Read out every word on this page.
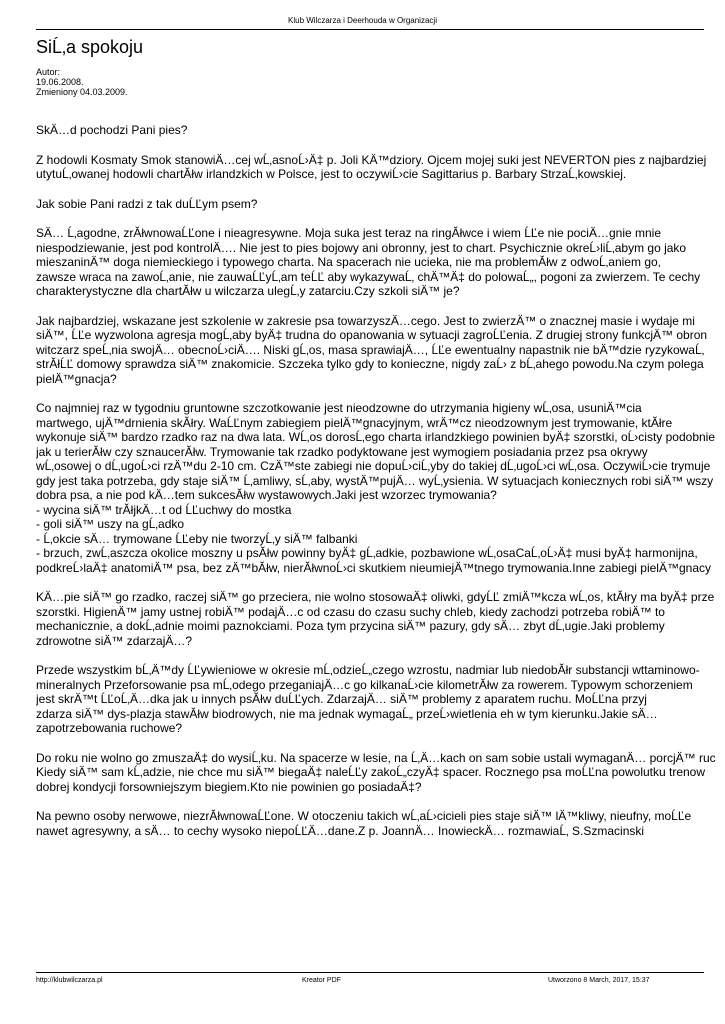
Klub Wilczarza i Deerhouda w Organizacji
SiĹ‚a spokoju
Autor:
19.06.2008.
Zmieniony 04.03.2009.

SkÄ…d pochodzi Pani pies?

Z hodowli Kosmaty Smok stanowiÄ…cej wĹ‚asnoĹ›Ä‡ p. Joli KÄ™dziory. Ojcem mojej suki jest NEVERTON pies z najbardziej
utytuĹ‚owanej hodowli chartĂłw irlandzkich w Polsce, jest to oczywiĹ›cie Sagittarius p. Barbary StrzaĹ‚kowskiej.

Jak sobie Pani radzi z tak duĹĽym psem?

SÄ… Ĺ‚agodne, zrĂłwnowaĹĽone i nieagresywne. Moja suka jest teraz na ringĂłwce i wiem ĹĽe nie pociÄ…gnie mnie
niespodziewanie, jest pod kontrolÄ…. Nie jest to pies bojowy ani obronny, jest to chart. Psychicznie okreĹ›liĹ‚abym go jako
mieszaninÄ™ doga niemieckiego i typowego charta. Na spacerach nie ucieka, nie ma problemĂłw z odwoĹ‚aniem go,
zawsze wraca na zawoĹ‚anie, nie zauwaĹĽyĹ‚am teĹĽ aby wykazywaĹ‚ chÄ™Ä‡ do polowaĹ„, pogoni za zwierzem. Te cechy
charakterystyczne dla chartĂłw u wilczarza ulegĹ‚y zatarciu.Czy szkoli siÄ™ je?

Jak najbardziej, wskazane jest szkolenie w zakresie psa towarzyszÄ…cego. Jest to zwierzÄ™ o znacznej masie i wydaje mi
siÄ™, ĹĽe wyzwolona agresja mogĹ‚aby byÄ‡ trudna do opanowania w sytuacji zagroĹĽenia. Z drugiej strony funkcjÄ™ obron
witczarz speĹ‚nia swojÄ… obecnoĹ›ciÄ…. Niski gĹ‚os, masa sprawiajÄ…, ĹĽe ewentualny napastnik nie bÄ™dzie ryzykowaĹ‚
strĂłĹĽ domowy sprawdza siÄ™ znakomicie. Szczeka tylko gdy to konieczne, nigdy zaĹ› z bĹ‚ahego powodu.Na czym polega
pielÄ™gnacja?

Co najmniej raz w tygodniu gruntowne szczotkowanie jest nieodzowne do utrzymania higieny wĹ‚osa, usuniÄ™cia
martwego, ujÄ™drnienia skĂłry. WaĹĽnym zabiegiem pielÄ™gnacyjnym, wrÄ™cz nieodzownym jest trymowanie, ktĂłre
wykonuje siÄ™ bardzo rzadko raz na dwa lata. WĹ‚os dorosĹ‚ego charta irlandzkiego powinien byÄ‡ szorstki, oĹ›cisty podobnie
jak u terierĂłw czy sznaucerĂłw. Trymowanie tak rzadko podyktowane jest wymogiem posiadania przez psa okrywy
wĹ‚osowej o dĹ‚ugoĹ›ci rzÄ™du 2-10 cm. CzÄ™ste zabiegi nie dopuĹ›ciĹ‚yby do takiej dĹ‚ugoĹ›ci wĹ‚osa. OczywiĹ›cie trymuje
gdy jest taka potrzeba, gdy staje siÄ™ Ĺ‚amliwy, sĹ‚aby, wystÄ™pujÄ… wyĹ‚ysienia. W sytuacjach koniecznych robi siÄ™ wszy
dobra psa, a nie pod kÄ…tem sukcesĂłw wystawowych.Jaki jest wzorzec trymowania?
- wycina siÄ™ trĂłjkÄ…t od ĹĽuchwy do mostka
- goli siÄ™ uszy na gĹ‚adko
- Ĺ‚okcie sÄ… trymowane ĹĽeby nie tworzyĹ‚y siÄ™ falbanki
- brzuch, zwĹ‚aszcza okolice moszny u psĂłw powinny byÄ‡ gĹ‚adkie, pozbawione wĹ‚osaCaĹ‚oĹ›Ä‡ musi byÄ‡ harmonijna,
podkreĹ›laÄ‡ anatomiÄ™ psa, bez zÄ™bĂłw, nierĂłwnoĹ›ci skutkiem nieumiejÄ™tnego trymowania.Inne zabiegi pielÄ™gnacy

KÄ…pie siÄ™ go rzadko, raczej siÄ™ go przeciera, nie wolno stosowaÄ‡ oliwki, gdyĹĽ zmiÄ™kcza wĹ‚os, ktĂłry ma byÄ‡ prze
szorstki. HigienÄ™ jamy ustnej robiÄ™ podajÄ…c od czasu do czasu suchy chleb, kiedy zachodzi potrzeba robiÄ™ to
mechanicznie, a dokĹ‚adnie moimi paznokciami. Poza tym przycina siÄ™ pazury, gdy sÄ… zbyt dĹ‚ugie.Jaki problemy
zdrowotne siÄ™ zdarzajÄ…?

Przede wszystkim bĹ‚Ä™dy ĹĽywieniowe w okresie mĹ‚odzieĹ„czego wzrostu, nadmiar lub niedobĂłr substancji wttaminowo-
mineralnych Przeforsowanie psa mĹ‚odego przeganiajÄ…c go kilkanaĹ›cie kilometrĂłw za rowerem. Typowym schorzeniem
jest skrÄ™t ĹĽoĹ‚Ä…dka jak u innych psĂłw duĹĽych. ZdarzajÄ… siÄ™ problemy z aparatem ruchu. MoĹĽna przyj
zdarza siÄ™ dys-plazja stawĂłw biodrowych, nie ma jednak wymagaĹ„ przeĹ›wietlenia eh w tym kierunku.Jakie sÄ…
zapotrzebowania ruchowe?

Do roku nie wolno go zmuszaÄ‡ do wysiĹ‚ku. Na spacerze w lesie, na Ĺ‚Ä…kach on sam sobie ustali wymaganÄ… porcjÄ™ ruc
Kiedy siÄ™ sam kĹ‚adzie, nie chce mu siÄ™ biegaÄ‡ naleĹĽy zakoĹ„czyÄ‡ spacer. Rocznego psa moĹĽna powolutku trenow
dobrej kondycji forsowniejszym biegiem.Kto nie powinien go posiadaÄ‡?

Na pewno osoby nerwowe, niezrĂłwnowaĹĽone. W otoczeniu takich wĹ‚aĹ›cicieli pies staje siÄ™ lÄ™kliwy, nieufny, moĹĽe
nawet agresywny, a sÄ… to cechy wysoko niepoĹĽÄ…dane.Z p. JoannÄ… InowieckÄ… rozmawiaĹ‚ S.Szmacinski

http://klubwilczarza.pl	Kreator PDF	Utworzono 8 March, 2017, 15:37
